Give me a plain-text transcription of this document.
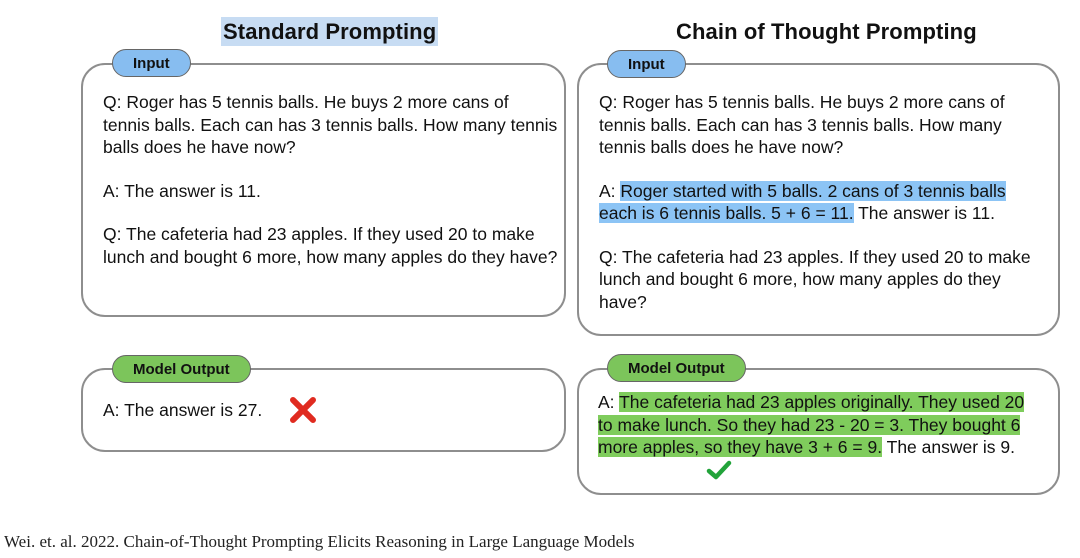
Standard Prompting	Chain of Thought Prompting
Input

Q: Roger has 5 tennis balls. He buys 2 more cans of tennis balls. Each can has 3 tennis balls. How many tennis balls does he have now?

A: The answer is 11.

Q: The cafeteria had 23 apples. If they used 20 to make lunch and bought 6 more, how many apples do they have?

Model Output
A: The answer is 27.
Input

Q: Roger has 5 tennis balls. He buys 2 more cans of tennis balls. Each can has 3 tennis balls. How many tennis balls does he have now?

A: Roger started with 5 balls. 2 cans of 3 tennis balls each is 6 tennis balls. 5 + 6 = 11. The answer is 11.

Q: The cafeteria had 23 apples. If they used 20 to make lunch and bought 6 more, how many apples do they have?

Model Output
A: The cafeteria had 23 apples originally. They used 20 to make lunch. So they had 23 - 20 = 3. They bought 6 more apples, so they have 3 + 6 = 9. The answer is 9.
Wei. et. al. 2022. Chain-of-Thought Prompting Elicits Reasoning in Large Language Models
